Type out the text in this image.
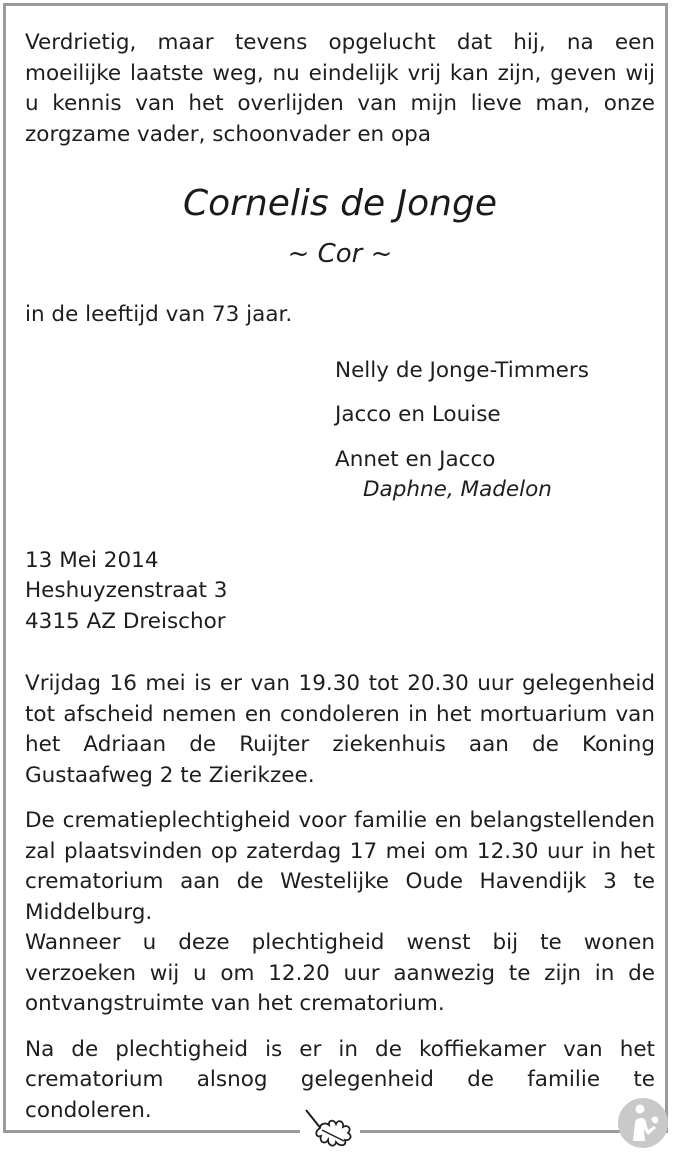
Verdrietig, maar tevens opgelucht dat hij, na een moeilijke laatste weg, nu eindelijk vrij kan zijn, geven wij u kennis van het overlijden van mijn lieve man, onze zorgzame vader, schoonvader en opa

Cornelis de Jonge
~ Cor ~

in de leeftijd van 73 jaar.

Nelly de Jonge-Timmers
Jacco en Louise
Annet en Jacco
Daphne, Madelon
13 Mei 2014
Heshuyzenstraat 3
4315 AZ Dreischor

Vrijdag 16 mei is er van 19.30 tot 20.30 uur gelegenheid tot afscheid nemen en condoleren in het mortuarium van het Adriaan de Ruijter ziekenhuis aan de Koning Gustaafweg 2 te Zierikzee.

De crematieplechtigheid voor familie en belangstellenden zal plaatsvinden op zaterdag 17 mei om 12.30 uur in het crematorium aan de Westelijke Oude Havendijk 3 te Middelburg.

Wanneer u deze plechtigheid wenst bij te wonen verzoeken wij u om 12.20 uur aanwezig te zijn in de ontvangstruimte van het crematorium.

Na de plechtigheid is er in de koffiekamer van het crematorium alsnog gelegenheid de familie te condoleren.
